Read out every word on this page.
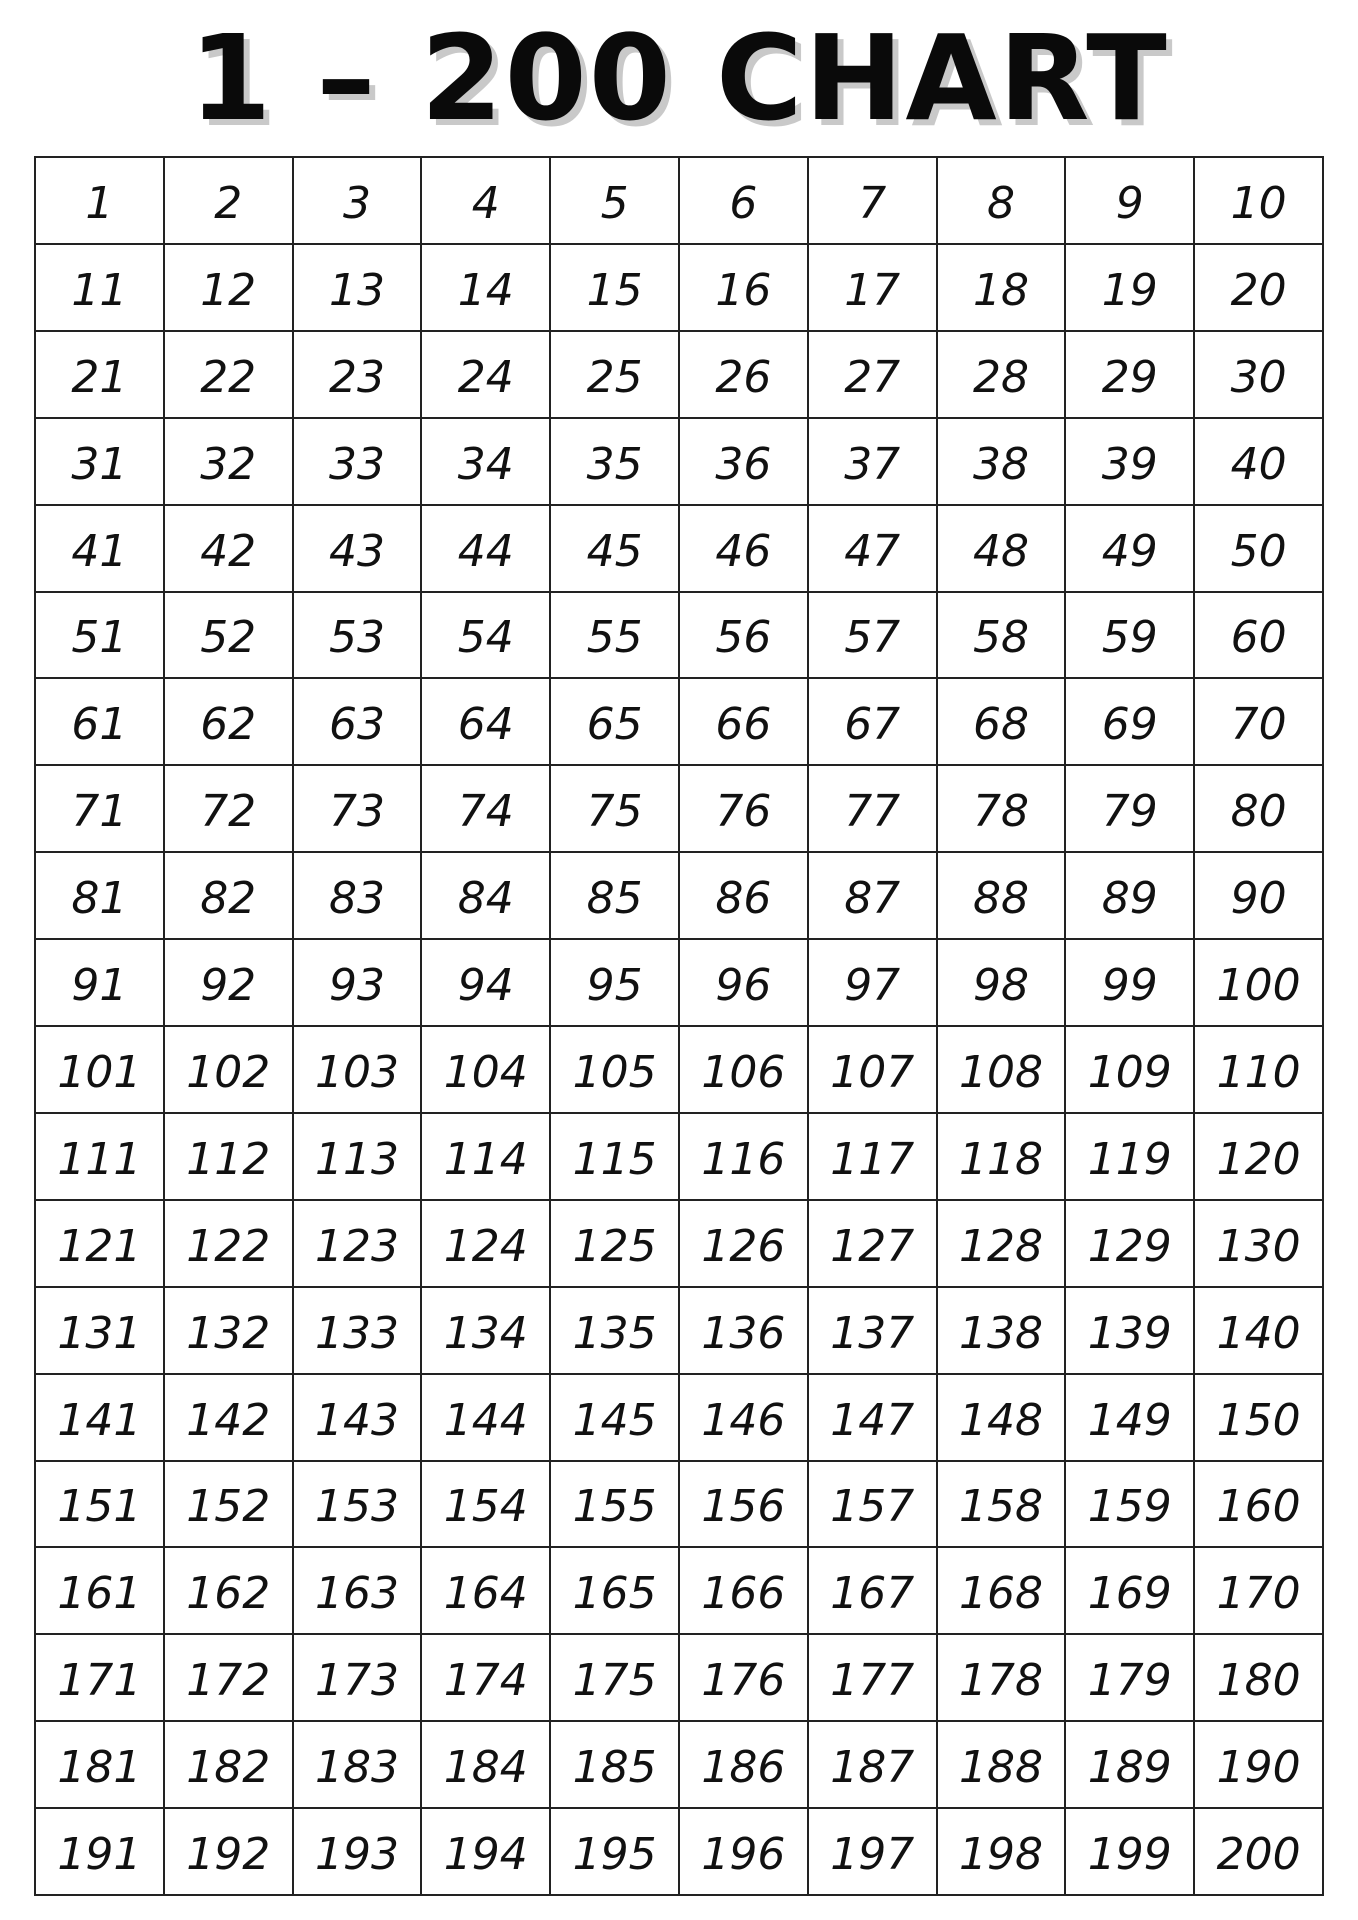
1 – 200 CHART
1	2	3	4	5	6	7	8	9	10
11	12	13	14	15	16	17	18	19	20
21	22	23	24	25	26	27	28	29	30
31	32	33	34	35	36	37	38	39	40
41	42	43	44	45	46	47	48	49	50
51	52	53	54	55	56	57	58	59	60
61	62	63	64	65	66	67	68	69	70
71	72	73	74	75	76	77	78	79	80
81	82	83	84	85	86	87	88	89	90
91	92	93	94	95	96	97	98	99	100
101	102	103	104	105	106	107	108	109	110
111	112	113	114	115	116	117	118	119	120
121	122	123	124	125	126	127	128	129	130
131	132	133	134	135	136	137	138	139	140
141	142	143	144	145	146	147	148	149	150
151	152	153	154	155	156	157	158	159	160
161	162	163	164	165	166	167	168	169	170
171	172	173	174	175	176	177	178	179	180
181	182	183	184	185	186	187	188	189	190
191	192	193	194	195	196	197	198	199	200
